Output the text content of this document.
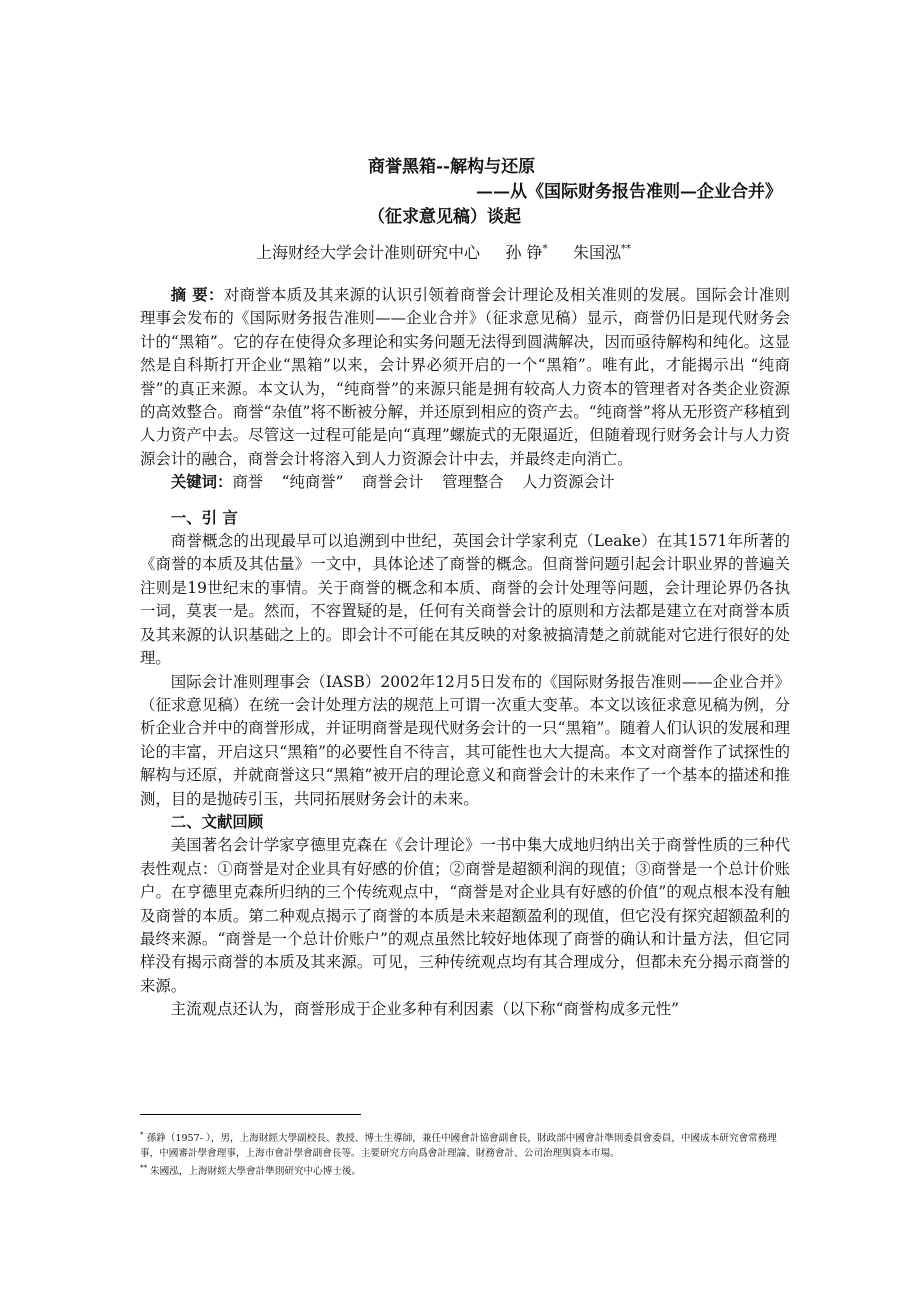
商誉黑箱--解构与还原
——从《国际财务报告准则—企业合并》
（征求意见稿）谈起
上海财经大学会计准则研究中心 孙 铮* 朱国泓**

摘 要：对商誉本质及其来源的认识引领着商誉会计理论及相关准则的发展。国际会计准则理事会发布的《国际财务报告准则——企业合并》（征求意见稿）显示，商誉仍旧是现代财务会计的“黑箱”。它的存在使得众多理论和实务问题无法得到圆满解决，因而亟待解构和纯化。这显然是自科斯打开企业“黑箱”以来，会计界必须开启的一个“黑箱”。唯有此，才能揭示出 “纯商誉”的真正来源。本文认为，“纯商誉”的来源只能是拥有较高人力资本的管理者对各类企业资源的高效整合。商誉“杂值”将不断被分解，并还原到相应的资产去。“纯商誉”将从无形资产移植到人力资产中去。尽管这一过程可能是向“真理”螺旋式的无限逼近，但随着现行财务会计与人力资源会计的融合，商誉会计将溶入到人力资源会计中去，并最终走向消亡。

关键词：商誉 “纯商誉” 商誉会计 管理整合 人力资源会计

一、引 言

商誉概念的出现最早可以追溯到中世纪，英国会计学家利克（Leake）在其1571年所著的《商誉的本质及其估量》一文中，具体论述了商誉的概念。但商誉问题引起会计职业界的普遍关注则是19世纪末的事情。关于商誉的概念和本质、商誉的会计处理等问题，会计理论界仍各执一词，莫衷一是。然而，不容置疑的是，任何有关商誉会计的原则和方法都是建立在对商誉本质及其来源的认识基础之上的。即会计不可能在其反映的对象被搞清楚之前就能对它进行很好的处理。

国际会计准则理事会（IASB）2002年12月5日发布的《国际财务报告准则——企业合并》（征求意见稿）在统一会计处理方法的规范上可谓一次重大变革。本文以该征求意见稿为例，分析企业合并中的商誉形成，并证明商誉是现代财务会计的一只“黑箱”。随着人们认识的发展和理论的丰富，开启这只“黑箱”的必要性自不待言，其可能性也大大提高。本文对商誉作了试探性的解构与还原，并就商誉这只“黑箱”被开启的理论意义和商誉会计的未来作了一个基本的描述和推测，目的是抛砖引玉，共同拓展财务会计的未来。

二、文献回顾

美国著名会计学家亨德里克森在《会计理论》一书中集大成地归纳出关于商誉性质的三种代表性观点：①商誉是对企业具有好感的价值；②商誉是超额利润的现值；③商誉是一个总计价账户。在亨德里克森所归纳的三个传统观点中，“商誉是对企业具有好感的价值”的观点根本没有触及商誉的本质。第二种观点揭示了商誉的本质是未来超额盈利的现值，但它没有探究超额盈利的最终来源。“商誉是一个总计价账户”的观点虽然比较好地体现了商誉的确认和计量方法，但它同样没有揭示商誉的本质及其来源。可见，三种传统观点均有其合理成分，但都未充分揭示商誉的来源。

主流观点还认为，商誉形成于企业多种有利因素（以下称“商誉构成多元性”

* 孫錚（1957- ），男，上海財經大學副校長、教授、博士生導師，兼任中國會計協會副會長，財政部中國會計準則委員會委員，中國成本研究會常務理事，中國審計學會理事，上海市會計學會副會長等。主要研究方向爲會計理論、財務會計、公司治理與資本市場。

** 朱國泓，上海財經大學會計準則研究中心博士後。
